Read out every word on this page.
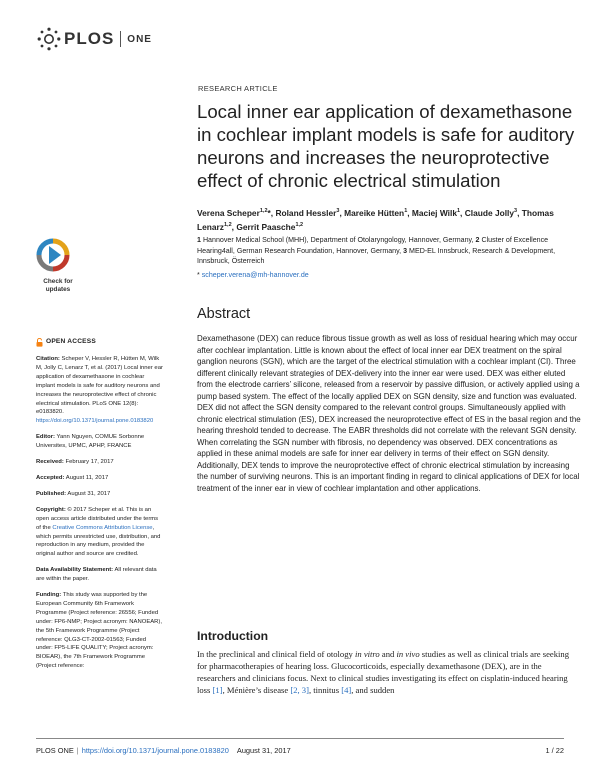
PLOS ONE
RESEARCH ARTICLE
Local inner ear application of dexamethasone in cochlear implant models is safe for auditory neurons and increases the neuroprotective effect of chronic electrical stimulation
Verena Scheper$^{1,2}$*, Roland Hessler$^3$, Mareike Hütten$^1$, Maciej Wilk$^1$, Claude Jolly$^3$, Thomas Lenarz$^{1,2}$, Gerrit Paasche$^{1,2}$
1 Hannover Medical School (MHH), Department of Otolaryngology, Hannover, Germany, 2 Cluster of Excellence Hearing4all, German Research Foundation, Hannover, Germany, 3 MED-EL Innsbruck, Research & Development, Innsbruck, Österreich
* scheper.verena@mh-hannover.de
Check for
updates
OPEN ACCESS
Citation: Scheper V, Hessler R, Hütten M, Wilk M, Jolly C, Lenarz T, et al. (2017) Local inner ear application of dexamethasone in cochlear implant models is safe for auditory neurons and increases the neuroprotective effect of chronic electrical stimulation. PLoS ONE 12(8): e0183820. https://doi.org/10.1371/journal.pone.0183820
Editor: Yann Nguyen, COMUE Sorbonne Universites, UPMC, APHP, FRANCE
Received: February 17, 2017
Accepted: August 11, 2017
Published: August 31, 2017
Copyright: © 2017 Scheper et al. This is an open access article distributed under the terms of the Creative Commons Attribution License, which permits unrestricted use, distribution, and reproduction in any medium, provided the original author and source are credited.
Data Availability Statement: All relevant data are within the paper.
Funding: This study was supported by the European Community 6th Framework Programme (Project reference: 26556; Funded under: FP6-NMP; Project acronym: NANOEAR), the 5th Framework Programme (Project reference: QLG3-CT-2002-01563; Funded under: FP5-LIFE QUALITY; Project acronym: BIOEAR), the 7th Framework Programme (Project reference:
Abstract

Dexamethasone (DEX) can reduce fibrous tissue growth as well as loss of residual hearing which may occur after cochlear implantation. Little is known about the effect of local inner ear DEX treatment on the spiral ganglion neurons (SGN), which are the target of the electrical stimulation with a cochlear implant (CI). Three different clinically relevant strategies of DEX-delivery into the inner ear were used. DEX was either eluted from the electrode carriers’ silicone, released from a reservoir by passive diffusion, or actively applied using a pump based system. The effect of the locally applied DEX on SGN density, size and function was evaluated. DEX did not affect the SGN density compared to the relevant control groups. Simultaneously applied with chronic electrical stimulation (ES), DEX increased the neuroprotective effect of ES in the basal region and the hearing threshold tended to decrease. The EABR thresholds did not correlate with the relevant SGN density. When correlating the SGN number with fibrosis, no dependency was observed. DEX concentrations as applied in these animal models are safe for inner ear delivery in terms of their effect on SGN density. Additionally, DEX tends to improve the neuroprotective effect of chronic electrical stimulation by increasing the number of surviving neurons. This is an important finding in regard to clinical applications of DEX for local treatment of the inner ear in view of cochlear implantation and other applications.

Introduction

In the preclinical and clinical field of otology in vitro and in vivo studies as well as clinical trials are seeking for pharmacotherapies of hearing loss. Glucocorticoids, especially dexamethasone (DEX), are in the researchers and clinicians focus. Next to clinical studies investigating its effect on cisplatin-induced hearing loss [1], Ménière’s disease [2, 3], tinnitus [4], and sudden

PLOS ONE | https://doi.org/10.1371/journal.pone.0183820 August 31, 2017	1 / 22
